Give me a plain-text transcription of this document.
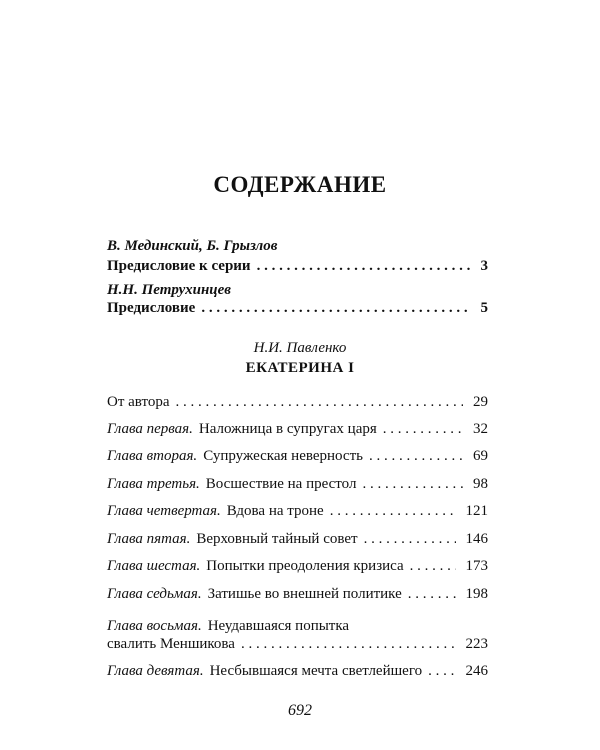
СОДЕРЖАНИЕ
В. Мединский, Б. Грызлов
Предисловие к серии . . .	3
Н.Н. Петрухинцев
Предисловие . . .	5
Н.И. Павленко
ЕКАТЕРИНА I
От автора . . .	29
Глава первая. Наложница в супругах царя . . .	32
Глава вторая. Супружеская неверность . . .	69
Глава третья. Восшествие на престол . . .	98
Глава четвертая. Вдова на троне . . .	121
Глава пятая. Верховный тайный совет . . .	146
Глава шестая. Попытки преодоления кризиса . . .	173
Глава седьмая. Затишье во внешней политике . . .	198
Глава восьмая. Неудавшаяся попытка
свалить Меншикова . . .	223
Глава девятая. Несбывшаяся мечта светлейшего . . .	246
692
